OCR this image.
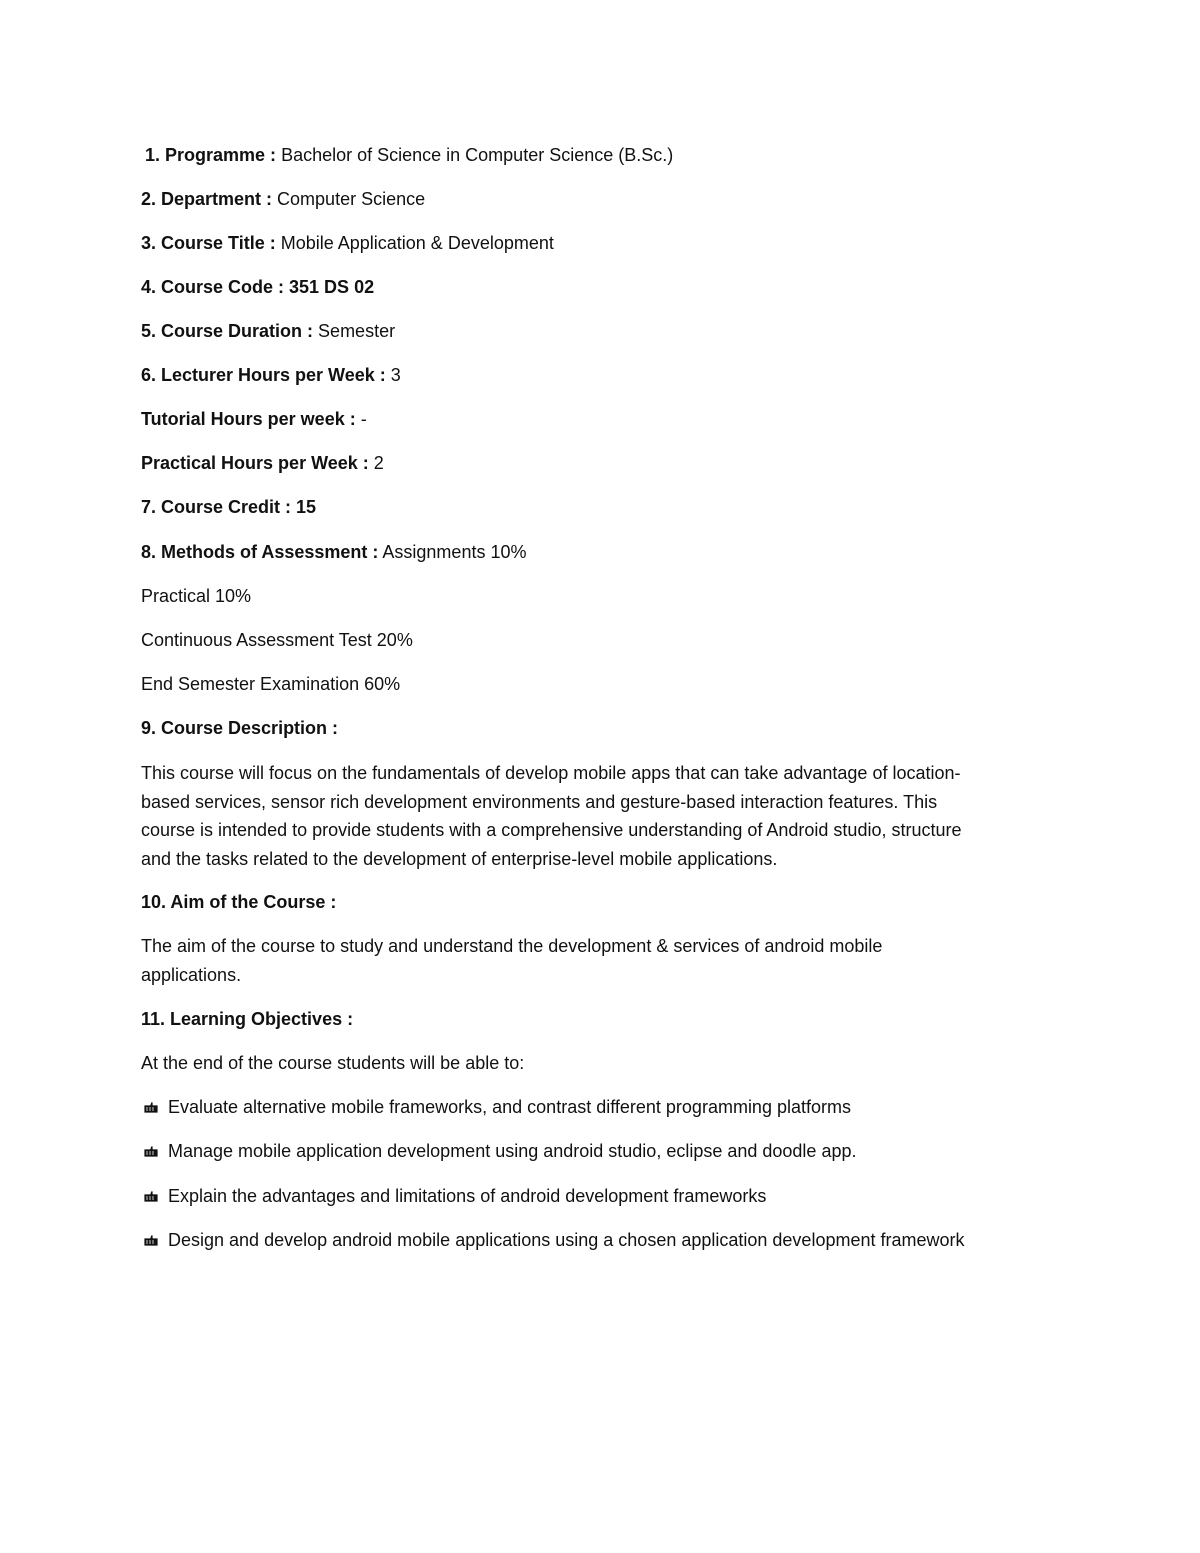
1. Programme : Bachelor of Science in Computer Science (B.Sc.)
2. Department : Computer Science
3. Course Title : Mobile Application & Development
4. Course Code : 351 DS 02
5. Course Duration : Semester
6. Lecturer Hours per Week : 3
Tutorial Hours per week : -
Practical Hours per Week : 2
7. Course Credit : 15
8. Methods of Assessment : Assignments 10%
Practical 10%
Continuous Assessment Test 20%
End Semester Examination 60%
9. Course Description :
This course will focus on the fundamentals of develop mobile apps that can take advantage of location-
based services, sensor rich development environments and gesture-based interaction features. This
course is intended to provide students with a comprehensive understanding of Android studio, structure
and the tasks related to the development of enterprise-level mobile applications.
10. Aim of the Course :
The aim of the course to study and understand the development & services of android mobile
applications.
11. Learning Objectives :
At the end of the course students will be able to:
Evaluate alternative mobile frameworks, and contrast different programming platforms
Manage mobile application development using android studio, eclipse and doodle app.
Explain the advantages and limitations of android development frameworks
Design and develop android mobile applications using a chosen application development framework
